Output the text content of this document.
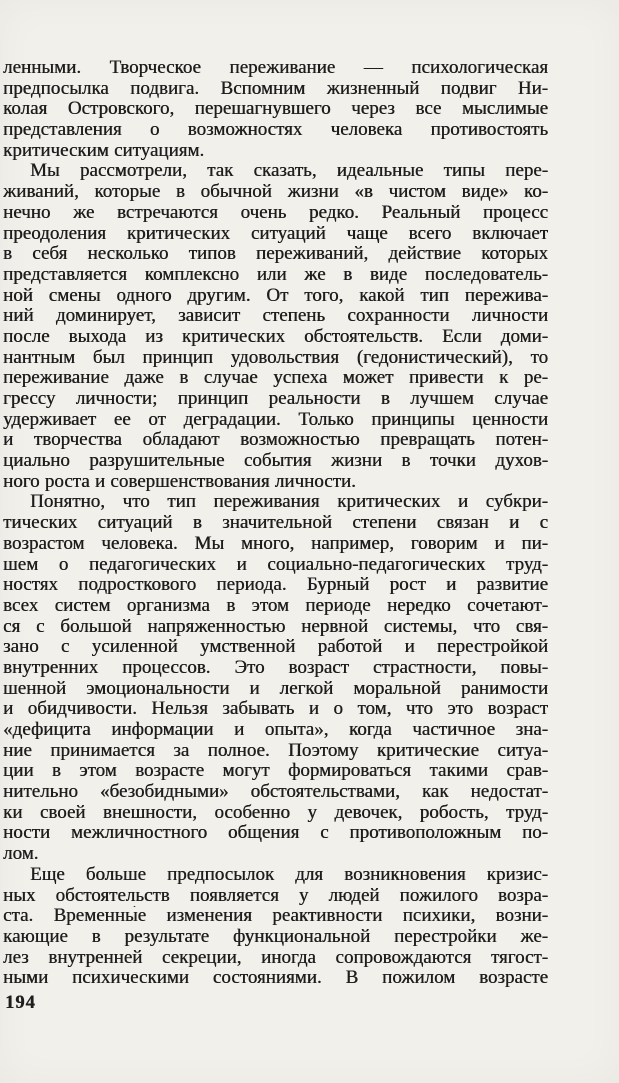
ленными. Творческое переживание — психологическая
предпосылка подвига. Вспомним жизненный подвиг Ни-
колая Островского, перешагнувшего через все мыслимые
представления о возможностях человека противостоять
критическим ситуациям.
Мы рассмотрели, так сказать, идеальные типы пере-
живаний, которые в обычной жизни «в чистом виде» ко-
нечно же встречаются очень редко. Реальный процесс
преодоления критических ситуаций чаще всего включает
в себя несколько типов переживаний, действие которых
представляется комплексно или же в виде последователь-
ной смены одного другим. От того, какой тип пережива-
ний доминирует, зависит степень сохранности личности
после выхода из критических обстоятельств. Если доми-
нантным был принцип удовольствия (гедонистический), то
переживание даже в случае успеха может привести к ре-
грессу личности; принцип реальности в лучшем случае
удерживает ее от деградации. Только принципы ценности
и творчества обладают возможностью превращать потен-
циально разрушительные события жизни в точки духов-
ного роста и совершенствования личности.
Понятно, что тип переживания критических и субкри-
тических ситуаций в значительной степени связан и с
возрастом человека. Мы много, например, говорим и пи-
шем о педагогических и социально-педагогических труд-
ностях подросткового периода. Бурный рост и развитие
всех систем организма в этом периоде нередко сочетают-
ся с большой напряженностью нервной системы, что свя-
зано с усиленной умственной работой и перестройкой
внутренних процессов. Это возраст страстности, повы-
шенной эмоциональности и легкой моральной ранимости
и обидчивости. Нельзя забывать и о том, что это возраст
«дефицита информации и опыта», когда частичное зна-
ние принимается за полное. Поэтому критические ситуа-
ции в этом возрасте могут формироваться такими срав-
нительно «безобидными» обстоятельствами, как недостат-
ки своей внешности, особенно у девочек, робость, труд-
ности межличностного общения с противоположным по-
лом.
Еще больше предпосылок для возникновения кризис-
ных обстоятельств появляется у людей пожилого возра-
ста. Временны́е изменения реактивности психики, возни-
кающие в результате функциональной перестройки же-
лез внутренней секреции, иногда сопровождаются тягост-
ными психическими состояниями. В пожилом возрасте
194
